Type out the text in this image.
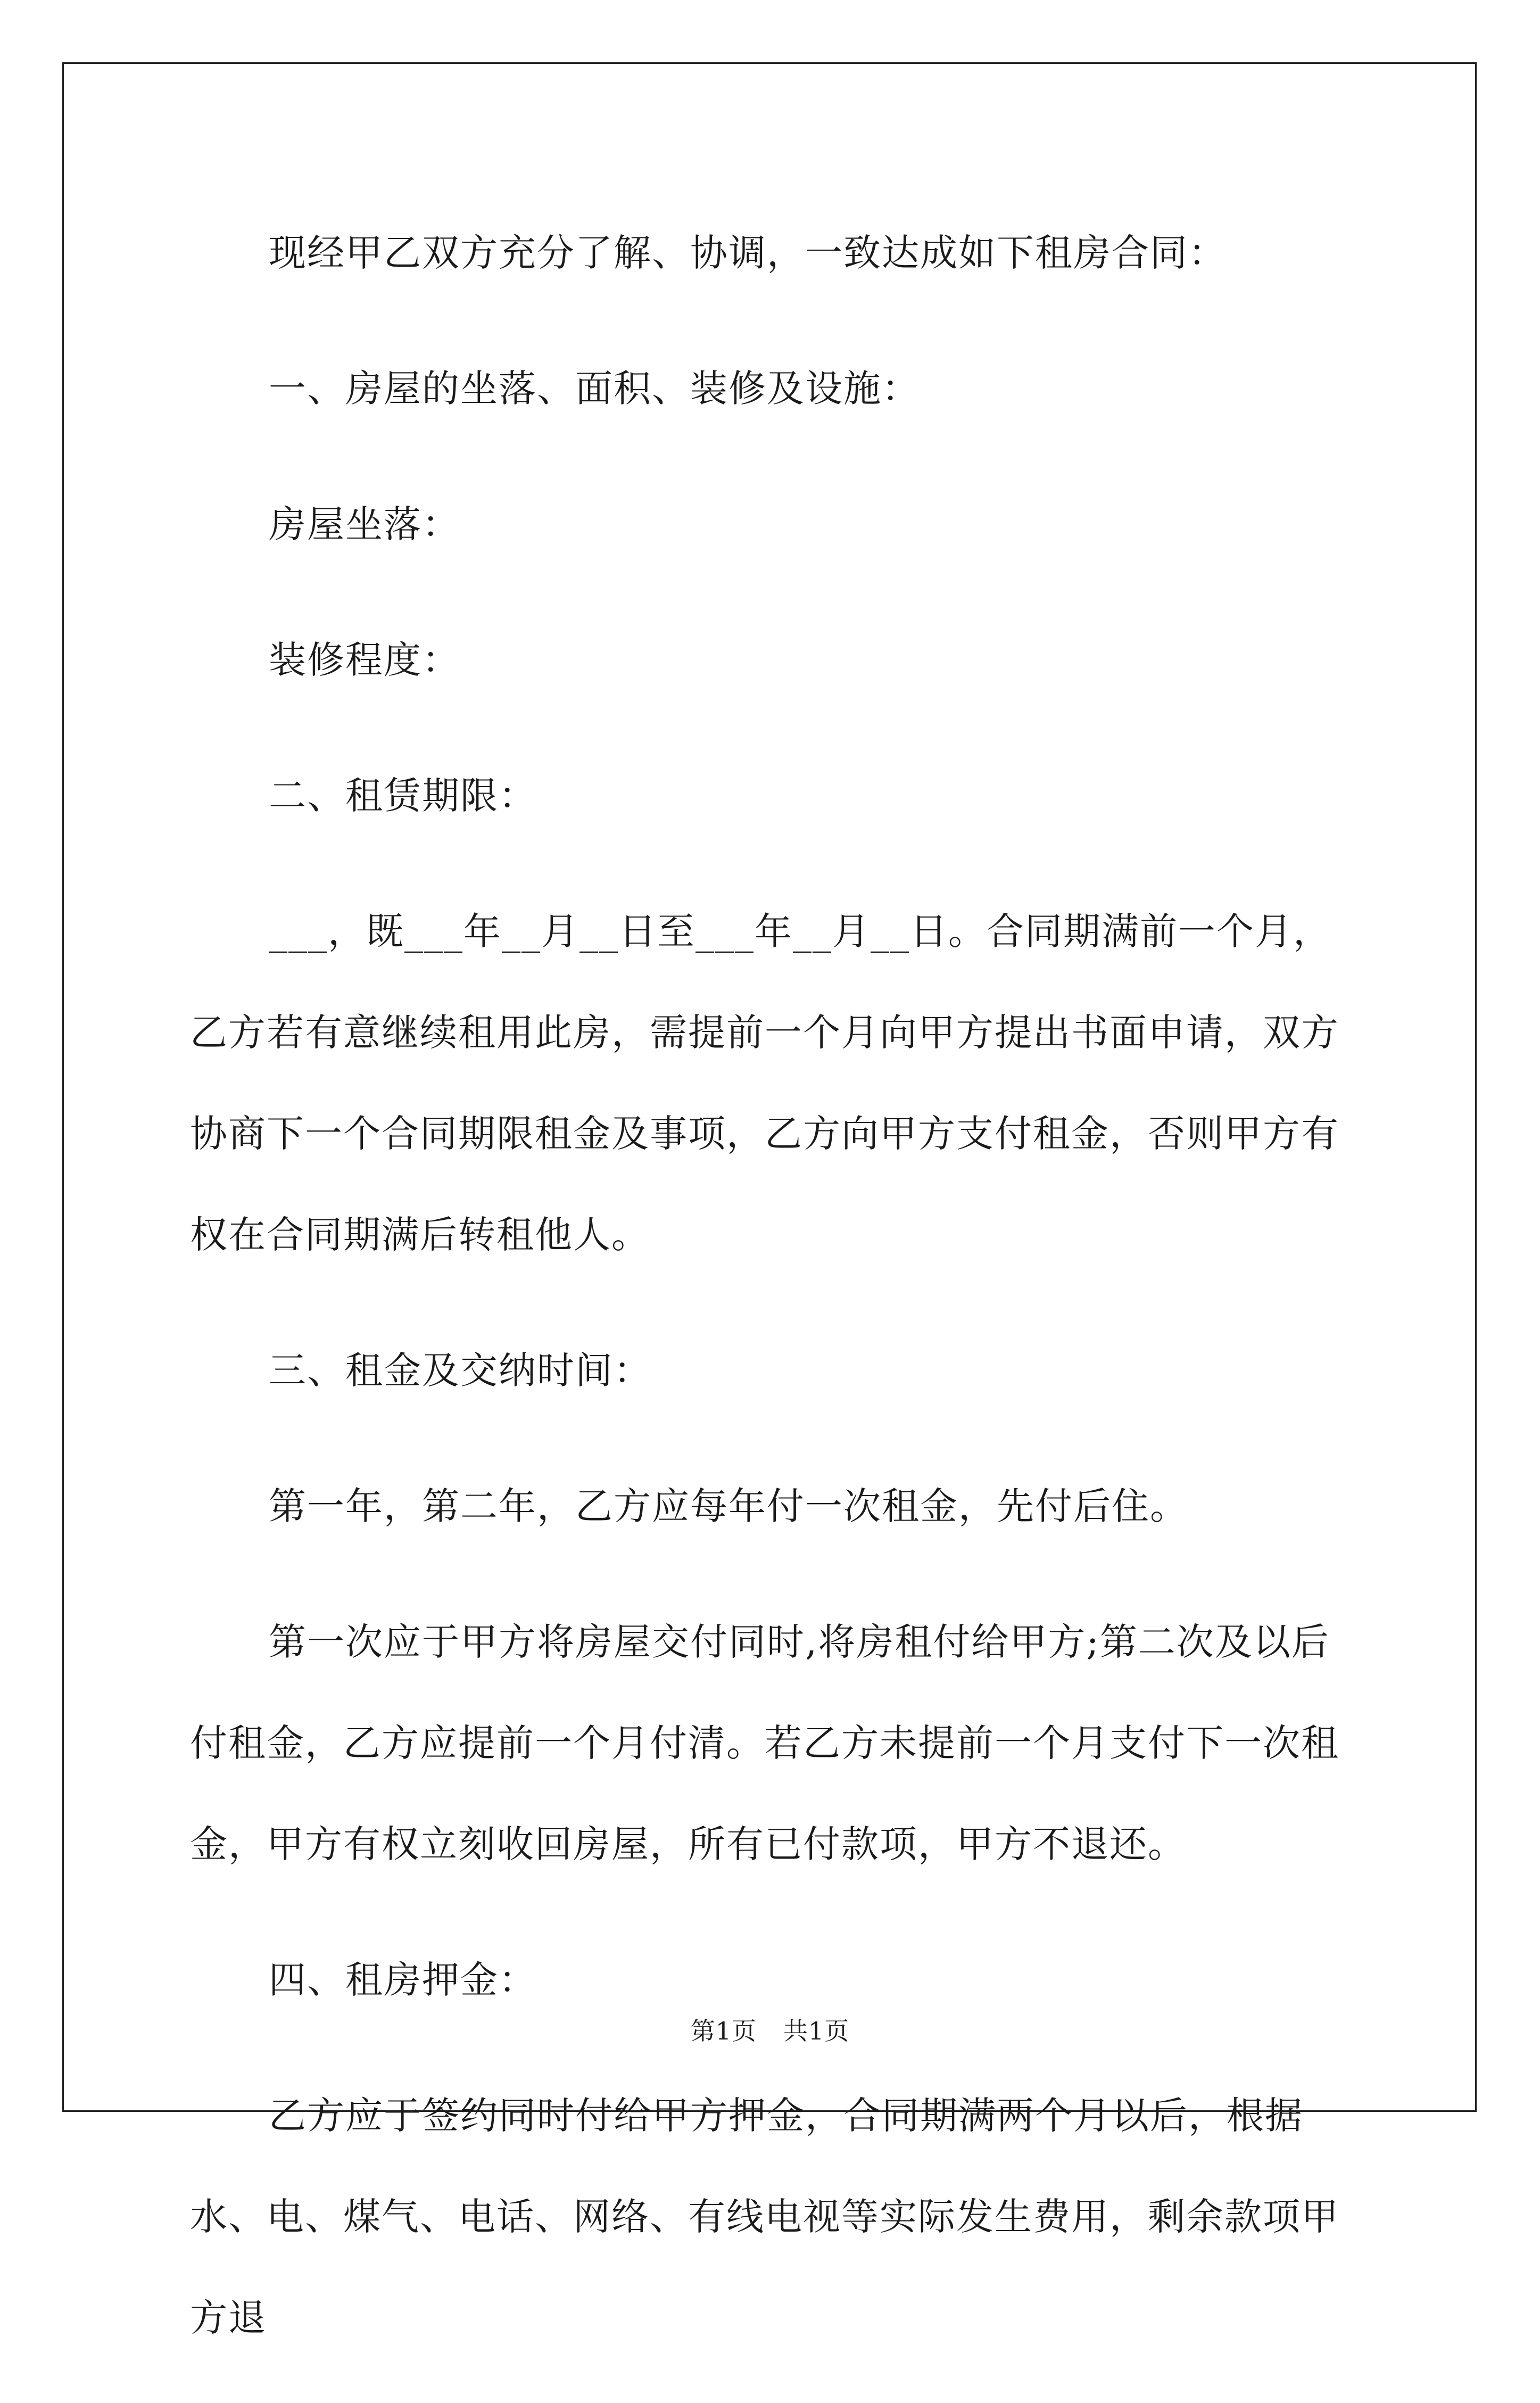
现经甲乙双方充分了解、协调，一致达成如下租房合同：

一、房屋的坐落、面积、装修及设施：

房屋坐落：

装修程度：

二、租赁期限：

___，既___年__月__日至___年__月__日。合同期满前一个月，乙方若有意继续租用此房，需提前一个月向甲方提出书面申请，双方协商下一个合同期限租金及事项，乙方向甲方支付租金，否则甲方有权在合同期满后转租他人。

三、租金及交纳时间：

第一年，第二年，乙方应每年付一次租金，先付后住。

第一次应于甲方将房屋交付同时,将房租付给甲方;第二次及以后付租金，乙方应提前一个月付清。若乙方未提前一个月支付下一次租金，甲方有权立刻收回房屋，所有已付款项，甲方不退还。

四、租房押金：

乙方应于签约同时付给甲方押金，合同期满两个月以后，根据水、电、煤气、电话、网络、有线电视等实际发生费用，剩余款项甲方退

第1页 共1页
